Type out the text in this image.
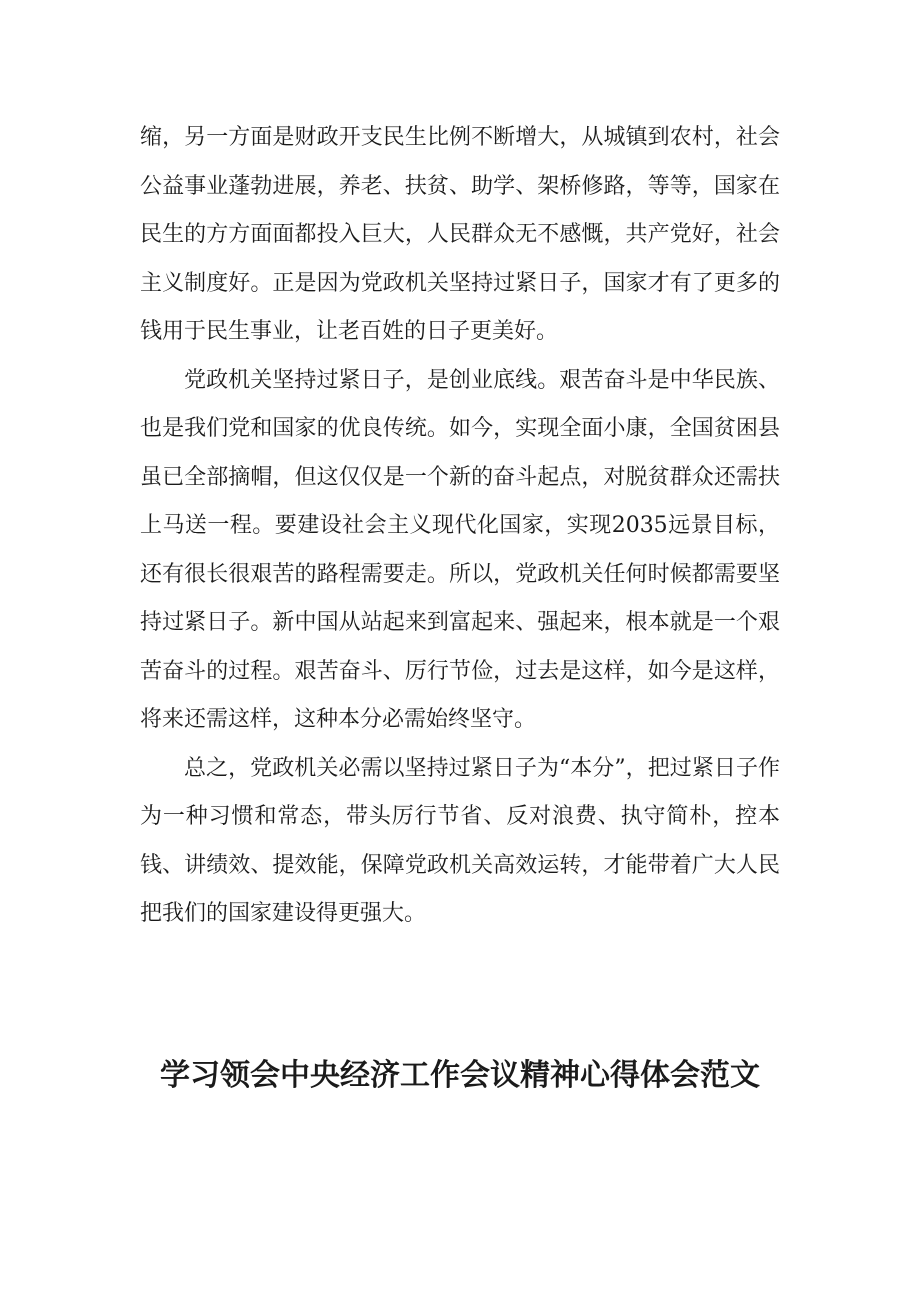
缩，另一方面是财政开支民生比例不断增大，从城镇到农村，社会公益事业蓬勃进展，养老、扶贫、助学、架桥修路，等等，国家在民生的方方面面都投入巨大，人民群众无不感慨，共产党好，社会主义制度好。正是因为党政机关坚持过紧日子，国家才有了更多的钱用于民生事业，让老百姓的日子更美好。

党政机关坚持过紧日子，是创业底线。艰苦奋斗是中华民族、也是我们党和国家的优良传统。如今，实现全面小康，全国贫困县虽已全部摘帽，但这仅仅是一个新的奋斗起点，对脱贫群众还需扶上马送一程。要建设社会主义现代化国家，实现2035远景目标，还有很长很艰苦的路程需要走。所以，党政机关任何时候都需要坚持过紧日子。新中国从站起来到富起来、强起来，根本就是一个艰苦奋斗的过程。艰苦奋斗、厉行节俭，过去是这样，如今是这样，将来还需这样，这种本分必需始终坚守。

总之，党政机关必需以坚持过紧日子为“本分”，把过紧日子作为一种习惯和常态，带头厉行节省、反对浪费、执守简朴，控本钱、讲绩效、提效能，保障党政机关高效运转，才能带着广大人民把我们的国家建设得更强大。

学习领会中央经济工作会议精神心得体会范文
